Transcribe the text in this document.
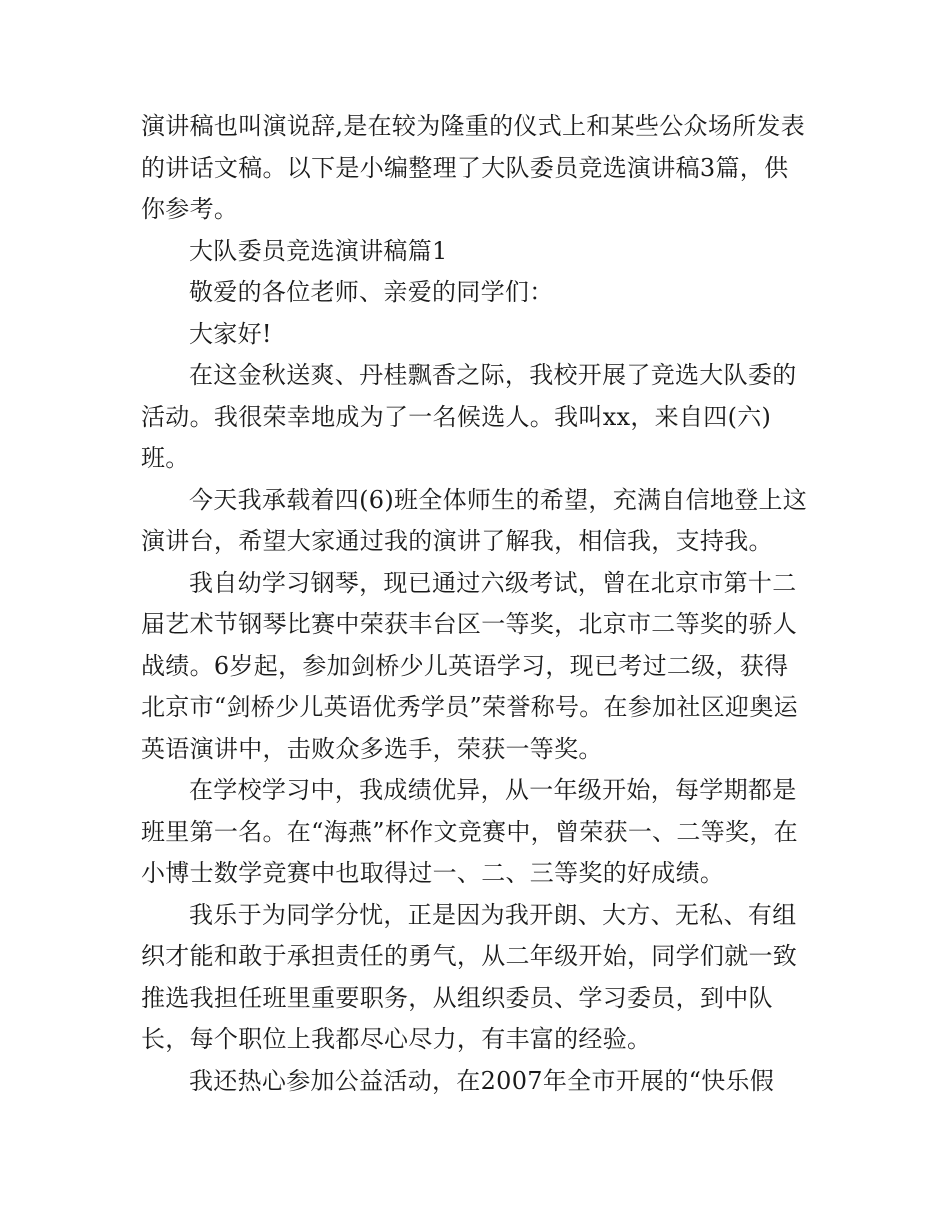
演讲稿也叫演说辞,是在较为隆重的仪式上和某些公众场所发表的讲话文稿。以下是小编整理了大队委员竞选演讲稿3篇，供你参考。

大队委员竞选演讲稿篇1

敬爱的各位老师、亲爱的同学们：

大家好!

在这金秋送爽、丹桂飘香之际，我校开展了竞选大队委的活动。我很荣幸地成为了一名候选人。我叫xx，来自四(六)班。

今天我承载着四(6)班全体师生的希望，充满自信地登上这演讲台，希望大家通过我的演讲了解我，相信我，支持我。

我自幼学习钢琴，现已通过六级考试，曾在北京市第十二届艺术节钢琴比赛中荣获丰台区一等奖，北京市二等奖的骄人战绩。6岁起，参加剑桥少儿英语学习，现已考过二级，获得北京市“剑桥少儿英语优秀学员”荣誉称号。在参加社区迎奥运英语演讲中，击败众多选手，荣获一等奖。

在学校学习中，我成绩优异，从一年级开始，每学期都是班里第一名。在“海燕”杯作文竞赛中，曾荣获一、二等奖，在小博士数学竞赛中也取得过一、二、三等奖的好成绩。

我乐于为同学分忧，正是因为我开朗、大方、无私、有组织才能和敢于承担责任的勇气，从二年级开始，同学们就一致推选我担任班里重要职务，从组织委员、学习委员，到中队长，每个职位上我都尽心尽力，有丰富的经验。

我还热心参加公益活动，在2007年全市开展的“快乐假
